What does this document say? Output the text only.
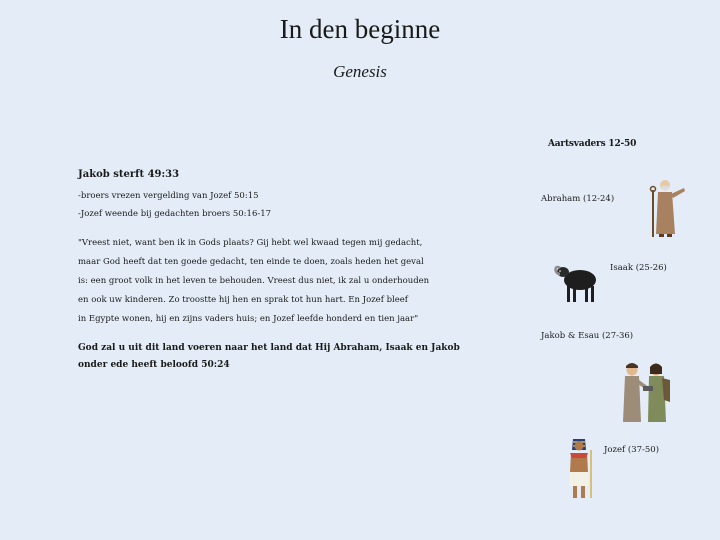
In den beginne
Genesis
Aartsvaders 12-50
Jakob sterft 49:33
-broers vrezen vergelding van Jozef 50:15
-Jozef weende bij gedachten broers 50:16-17

"Vreest niet, want ben ik in Gods plaats? Gij hebt wel kwaad tegen mij gedacht,

maar God heeft dat ten goede gedacht, ten einde te doen, zoals heden het geval

is: een groot volk in het leven te behouden. Vreest dus niet, ik zal u onderhouden

en ook uw kinderen. Zo troostte hij hen en sprak tot hun hart. En Jozef bleef

in Egypte wonen, hij en zijns vaders huis; en Jozef leefde honderd en tien jaar"

God zal u uit dit land voeren naar het land dat Hij Abraham, Isaak en Jakob

onder ede heeft beloofd 50:24

Abraham (12-24)
Isaak (25-26)
Jakob & Esau (27-36)
Jozef (37-50)
